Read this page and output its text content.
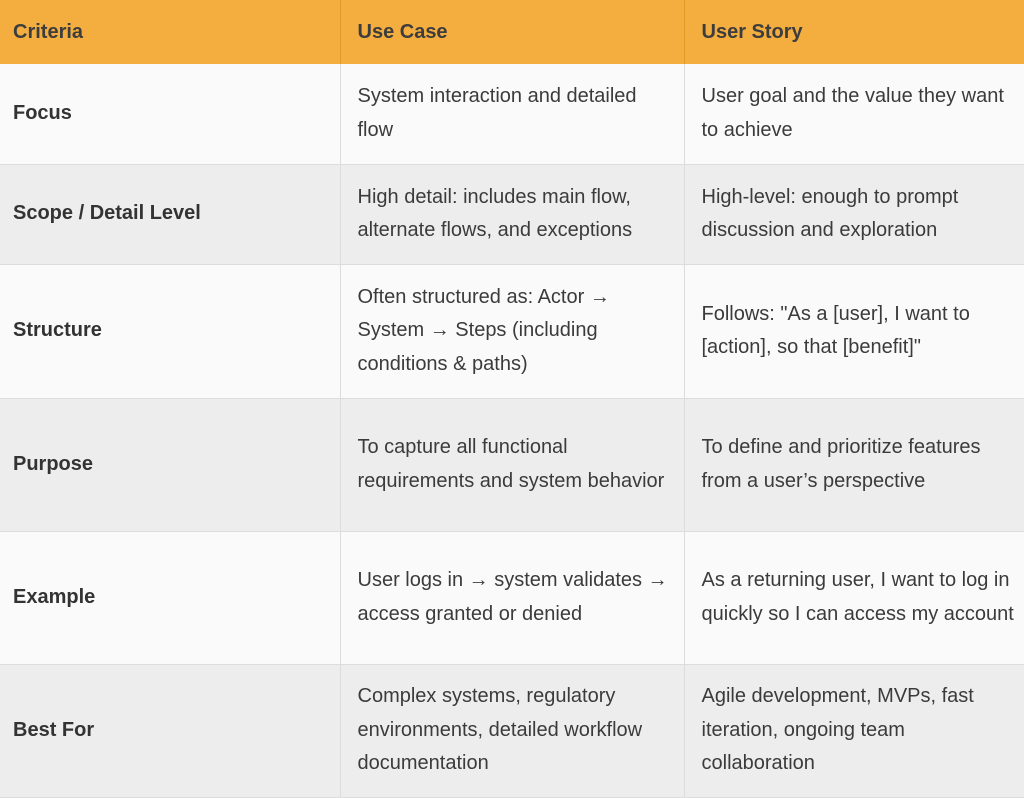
Criteria	Use Case	User Story
Focus	System interaction and detailed flow	User goal and the value they want to achieve
Scope / Detail Level	High detail: includes main flow, alternate flows, and exceptions	High-level: enough to prompt discussion and exploration
Structure	Often structured as: Actor → System → Steps (including conditions & paths)	Follows: "As a [user], I want to [action], so that [benefit]"
Purpose	To capture all functional requirements and system behavior	To define and prioritize features from a user’s perspective
Example	User logs in → system validates → access granted or denied	As a returning user, I want to log in quickly so I can access my account
Best For	Complex systems, regulatory environments, detailed workflow documentation	Agile development, MVPs, fast iteration, ongoing team collaboration
